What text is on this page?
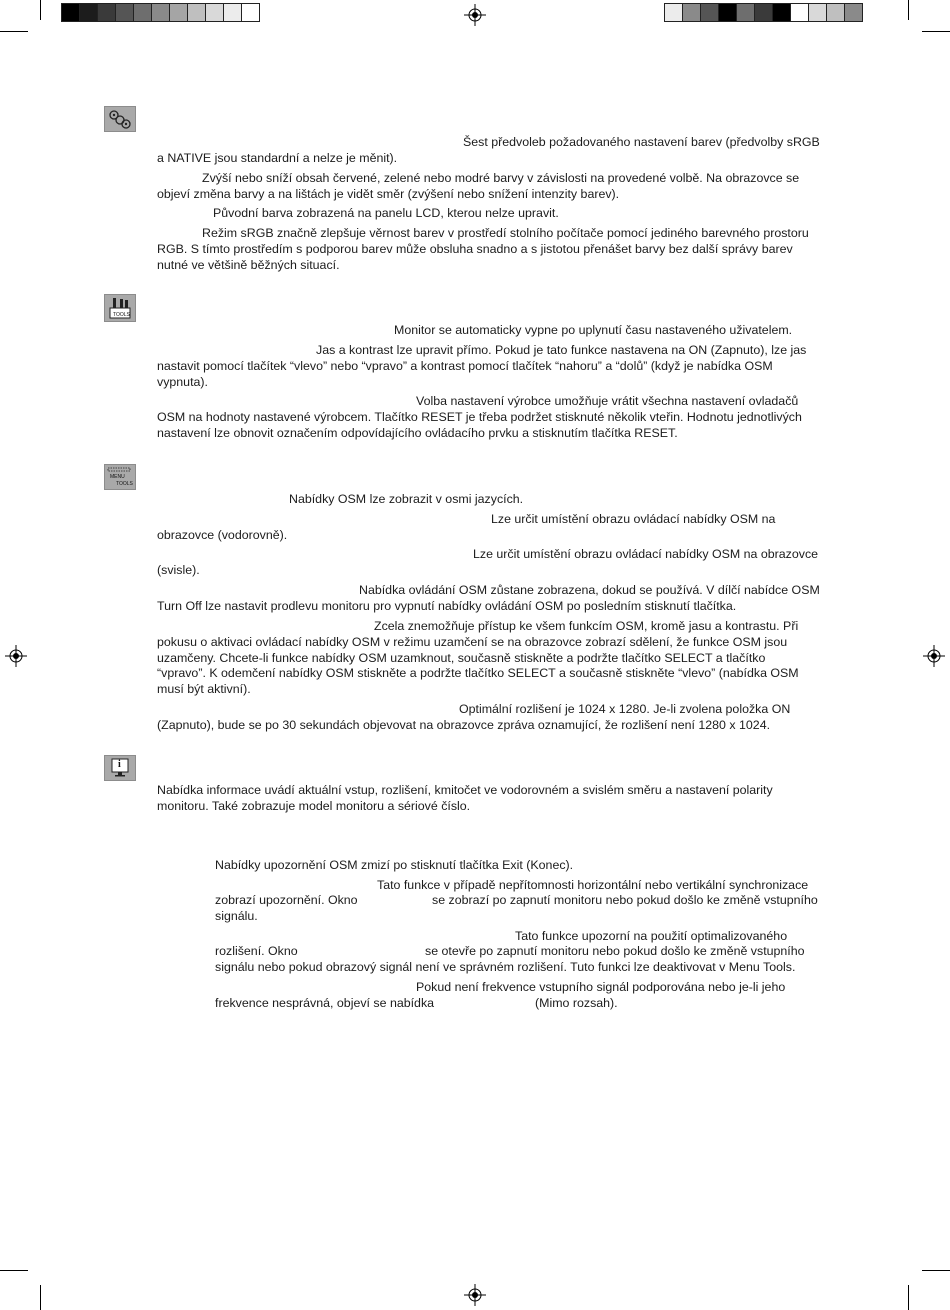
TOOLS
MENU
TOOLS
i
Šest předvoleb požadovaného nastavení barev (předvolby sRGB
a NATIVE jsou standardní a nelze je měnit).
Zvýší nebo sníží obsah červené, zelené nebo modré barvy v závislosti na provedené volbě. Na obrazovce se
objeví změna barvy a na lištách je vidět směr (zvýšení nebo snížení intenzity barev).
Původní barva zobrazená na panelu LCD, kterou nelze upravit.
Režim sRGB značně zlepšuje věrnost barev v prostředí stolního počítače pomocí jediného barevného prostoru
RGB. S tímto prostředím s podporou barev může obsluha snadno a s jistotou přenášet barvy bez další správy barev
nutné ve většině běžných situací.
Monitor se automaticky vypne po uplynutí času nastaveného uživatelem.
Jas a kontrast lze upravit přímo. Pokud je tato funkce nastavena na ON (Zapnuto), lze jas
nastavit pomocí tlačítek “vlevo” nebo “vpravo” a kontrast pomocí tlačítek “nahoru” a “dolů” (když je nabídka OSM
vypnuta).
Volba nastavení výrobce umožňuje vrátit všechna nastavení ovladačů
OSM na hodnoty nastavené výrobcem. Tlačítko RESET je třeba podržet stisknuté několik vteřin. Hodnotu jednotlivých
nastavení lze obnovit označením odpovídajícího ovládacího prvku a stisknutím tlačítka RESET.
Nabídky OSM lze zobrazit v osmi jazycích.
Lze určit umístění obrazu ovládací nabídky OSM na
obrazovce (vodorovně).
Lze určit umístění obrazu ovládací nabídky OSM na obrazovce
(svisle).
Nabídka ovládání OSM zůstane zobrazena, dokud se používá. V dílčí nabídce OSM
Turn Off lze nastavit prodlevu monitoru pro vypnutí nabídky ovládání OSM po posledním stisknutí tlačítka.
Zcela znemožňuje přístup ke všem funkcím OSM, kromě jasu a kontrastu. Při
pokusu o aktivaci ovládací nabídky OSM v režimu uzamčení se na obrazovce zobrazí sdělení, že funkce OSM jsou
uzamčeny. Chcete-li funkce nabídky OSM uzamknout, současně stiskněte a podržte tlačítko SELECT a tlačítko
“vpravo”. K odemčení nabídky OSM stiskněte a podržte tlačítko SELECT a současně stiskněte “vlevo” (nabídka OSM
musí být aktivní).
Optimální rozlišení je 1024 x 1280. Je-li zvolena položka ON
(Zapnuto), bude se po 30 sekundách objevovat na obrazovce zpráva oznamující, že rozlišení není 1280 x 1024.
Nabídka informace uvádí aktuální vstup, rozlišení, kmitočet ve vodorovném a svislém směru a nastavení polarity
monitoru. Také zobrazuje model monitoru a sériové číslo.
Nabídky upozornění OSM zmizí po stisknutí tlačítka Exit (Konec).
Tato funkce v případě nepřítomnosti horizontální nebo vertikální synchronizace
zobrazí upozornění. Okno	se zobrazí po zapnutí monitoru nebo pokud došlo ke změně vstupního
signálu.
Tato funkce upozorní na použití optimalizovaného
rozlišení. Okno	se otevře po zapnutí monitoru nebo pokud došlo ke změně vstupního
signálu nebo pokud obrazový signál není ve správném rozlišení. Tuto funkci lze deaktivovat v Menu Tools.
Pokud není frekvence vstupního signál podporována nebo je-li jeho
frekvence nesprávná, objeví se nabídka	(Mimo rozsah).
